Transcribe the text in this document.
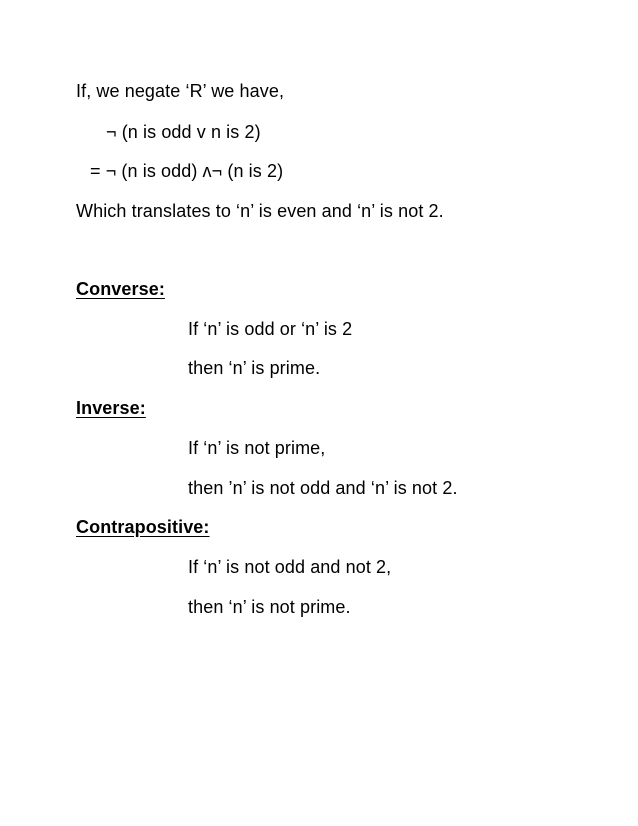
If, we negate ‘R’ we have,
¬ (n is odd v n is 2)
= ¬ (n is odd) ʌ¬ (n is 2)
Which translates to ‘n’ is even and ‘n’ is not 2.
Converse:
If ‘n’ is odd or ‘n’ is 2
then ‘n’ is prime.
Inverse:
If ‘n’ is not prime,
then ’n’ is not odd and ‘n’ is not 2.
Contrapositive:
If ‘n’ is not odd and not 2,
then ‘n’ is not prime.
